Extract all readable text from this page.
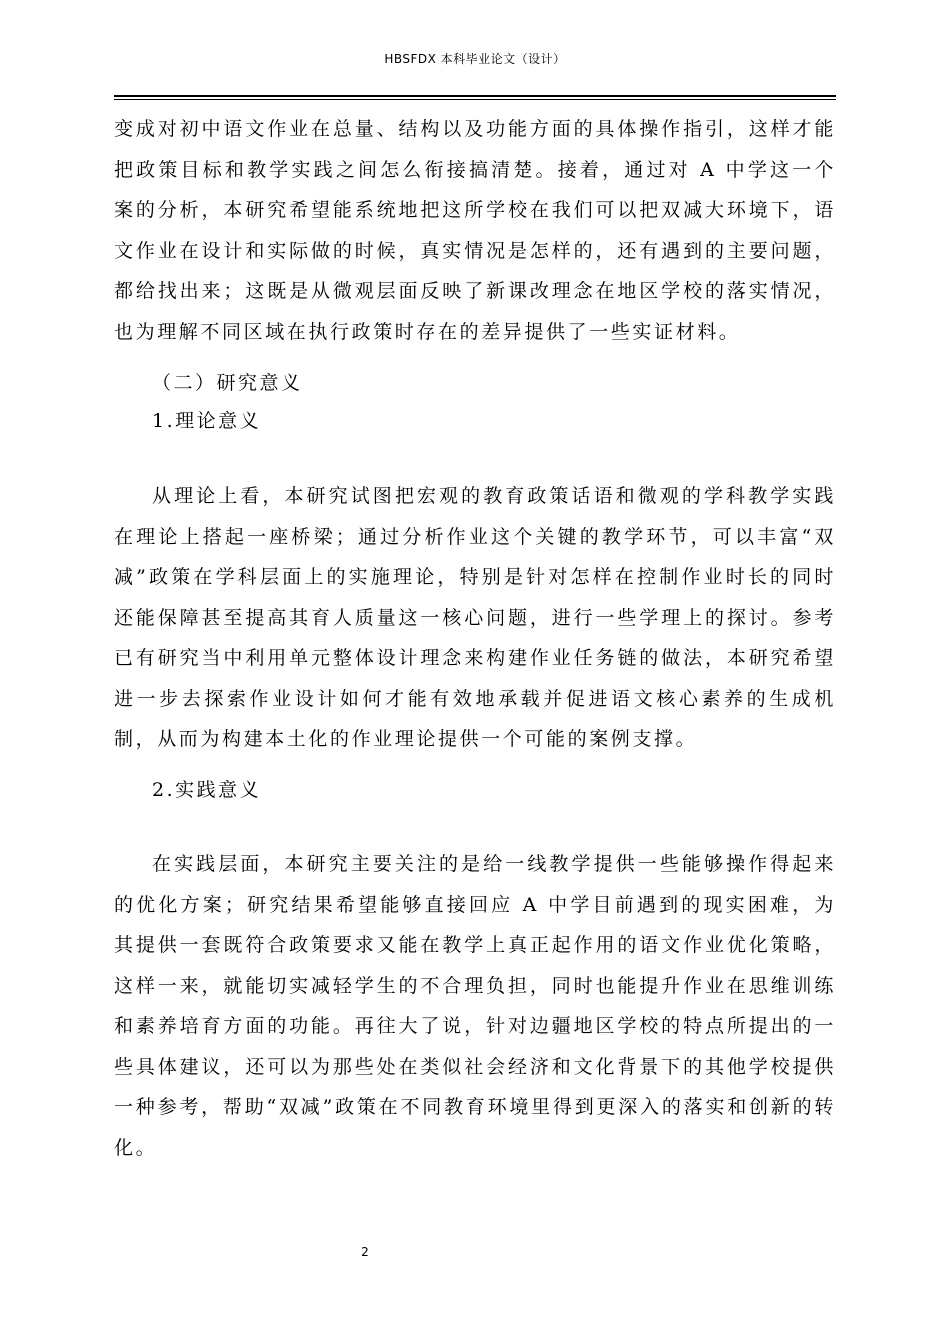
HBSFDX 本科毕业论文（设计）

变成对初中语文作业在总量、结构以及功能方面的具体操作指引，这样才能把政策目标和教学实践之间怎么衔接搞清楚。接着，通过对 A 中学这一个案的分析，本研究希望能系统地把这所学校在我们可以把双减大环境下，语文作业在设计和实际做的时候，真实情况是怎样的，还有遇到的主要问题，都给找出来；这既是从微观层面反映了新课改理念在地区学校的落实情况，也为理解不同区域在执行政策时存在的差异提供了一些实证材料。

（二）研究意义

1.理论意义

从理论上看，本研究试图把宏观的教育政策话语和微观的学科教学实践在理论上搭起一座桥梁；通过分析作业这个关键的教学环节，可以丰富“双减”政策在学科层面上的实施理论，特别是针对怎样在控制作业时长的同时还能保障甚至提高其育人质量这一核心问题，进行一些学理上的探讨。参考已有研究当中利用单元整体设计理念来构建作业任务链的做法，本研究希望进一步去探索作业设计如何才能有效地承载并促进语文核心素养的生成机制，从而为构建本土化的作业理论提供一个可能的案例支撑。

2.实践意义

在实践层面，本研究主要关注的是给一线教学提供一些能够操作得起来的优化方案；研究结果希望能够直接回应 A 中学目前遇到的现实困难，为其提供一套既符合政策要求又能在教学上真正起作用的语文作业优化策略，这样一来，就能切实减轻学生的不合理负担，同时也能提升作业在思维训练和素养培育方面的功能。再往大了说，针对边疆地区学校的特点所提出的一些具体建议，还可以为那些处在类似社会经济和文化背景下的其他学校提供一种参考，帮助“双减”政策在不同教育环境里得到更深入的落实和创新的转化。

2
